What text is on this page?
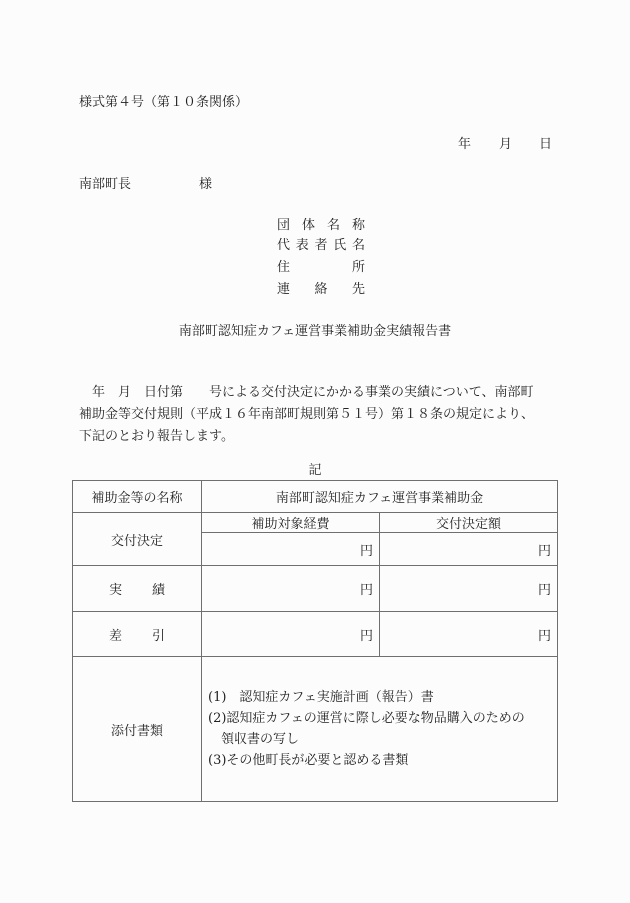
様式第４号（第１０条関係）
年 月 日
南部町長	様
団 体 名 称
代 表 者 氏 名
住	所
連 絡 先
南部町認知症カフェ運営事業補助金実績報告書
　年　月　日付第　　号による交付決定にかかる事業の実績について、南部町
補助金等交付規則（平成１６年南部町規則第５１号）第１８条の規定により、
下記のとおり報告します。
記
補助金等の名称	南部町認知症カフェ運営事業補助金	
交付決定	補助対象経費	交付決定額
	円	円

実 績	円	円

差 引	円	円
添付書類	(1)　認知症カフェ実施計画（報告）書
(2)認知症カフェの運営に際し必要な物品購入のための
領収書の写し
(3)その他町長が必要と認める書類	
